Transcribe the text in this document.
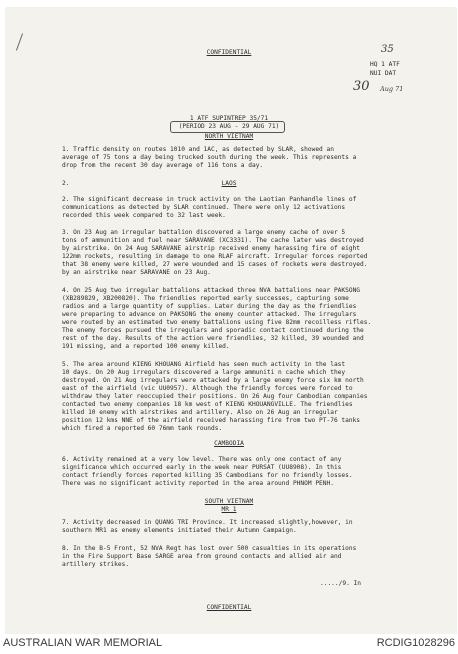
CONFIDENTIAL	35

HQ 1 ATF

NUI DAT

30 Aug 71

1 ATF SUPINTREP 35/71

(PERIOD 23 AUG - 29 AUG 71)

NORTH VIETNAM

1. Traffic density on routes 1010 and 1AC, as detected by SLAR, showed an

average of 75 tons a day being trucked south during the week. This represents a

drop from the recent 30 day average of 116 tons a day.

2.	LAOS

2. The significant decrease in truck activity on the Laotian Panhandle lines of

communications as detected by SLAR continued. There were only 12 activations

recorded this week compared to 32 last week.

3. On 23 Aug an irregular battalion discovered a large enemy cache of over 5

tons of ammunition and fuel near SARAVANE (XC3331). The cache later was destroyed

by airstrike. On 24 Aug SARAVANE airstrip received enemy harassing fire of eight

122mm rockets, resulting in damage to one RLAF aircraft. Irregular forces reported

that 38 enemy were killed, 27 were wounded and 15 cases of rockets were destroyed.

by an airstrike near SARAVANE on 23 Aug.

4. On 25 Aug two irregular battalions attacked three NVA battalions near PAKSONG

(XB289829, XB200820). The friendlies reported early successes, capturing some

radios and a large quantity of supplies. Later during the day as the friendlies

were preparing to advance on PAKSONG the enemy counter attacked. The irregulars

were routed by an estimated two enemy battalions using five 82mm recoilless rifles.

The enemy forces pursued the irregulars and sporadic contact continued during the

rest of the day. Results of the action were friendlies, 32 killed, 39 wounded and

191 missing, and a reported 100 enemy killed.

5. The area around KIENG KHOUANG Airfield has seen much activity in the last

10 days. On 20 Aug irregulars discovered a large ammuniti n cache which they

destroyed. On 21 Aug irregulars were attacked by a large enemy force six km north

east of the airfield (vic UU0957). Although the friendly forces were forced to

withdraw they later reoccupied their positions. On 26 Aug four Cambodian companies

contacted two enemy companies 18 km west of KIENG KHOUANGVILLE. The friendlies

killed 10 enemy with airstrikes and artillery. Also on 26 Aug an irregular

position 12 kms NNE of the airfield received harassing fire from two PT-76 tanks

which fired a reported 60 76mm tank rounds.

CAMBODIA

6. Activity remained at a very low level. There was only one contact of any

significance which occurred early in the week near PURSAT (UU8908). In this

contact friendly forces reported killing 35 Cambodians for no friendly losses.

There was no significant activity reported in the area around PHNOM PENH.

SOUTH VIETNAM

MR 1

7. Activity decreased in QUANG TRI Province. It increased slightly,however, in

southern MR1 as enemy elements initiated their Autumn Campaign.

8. In the B-5 Front, 52 NVA Regt has lost over 500 casualties in its operations

in the Fire Support Base SARGE area from ground contacts and allied air and

artillery strikes.

...../9. In

CONFIDENTIAL

AUSTRALIAN WAR MEMORIAL	RCDIG1028296
